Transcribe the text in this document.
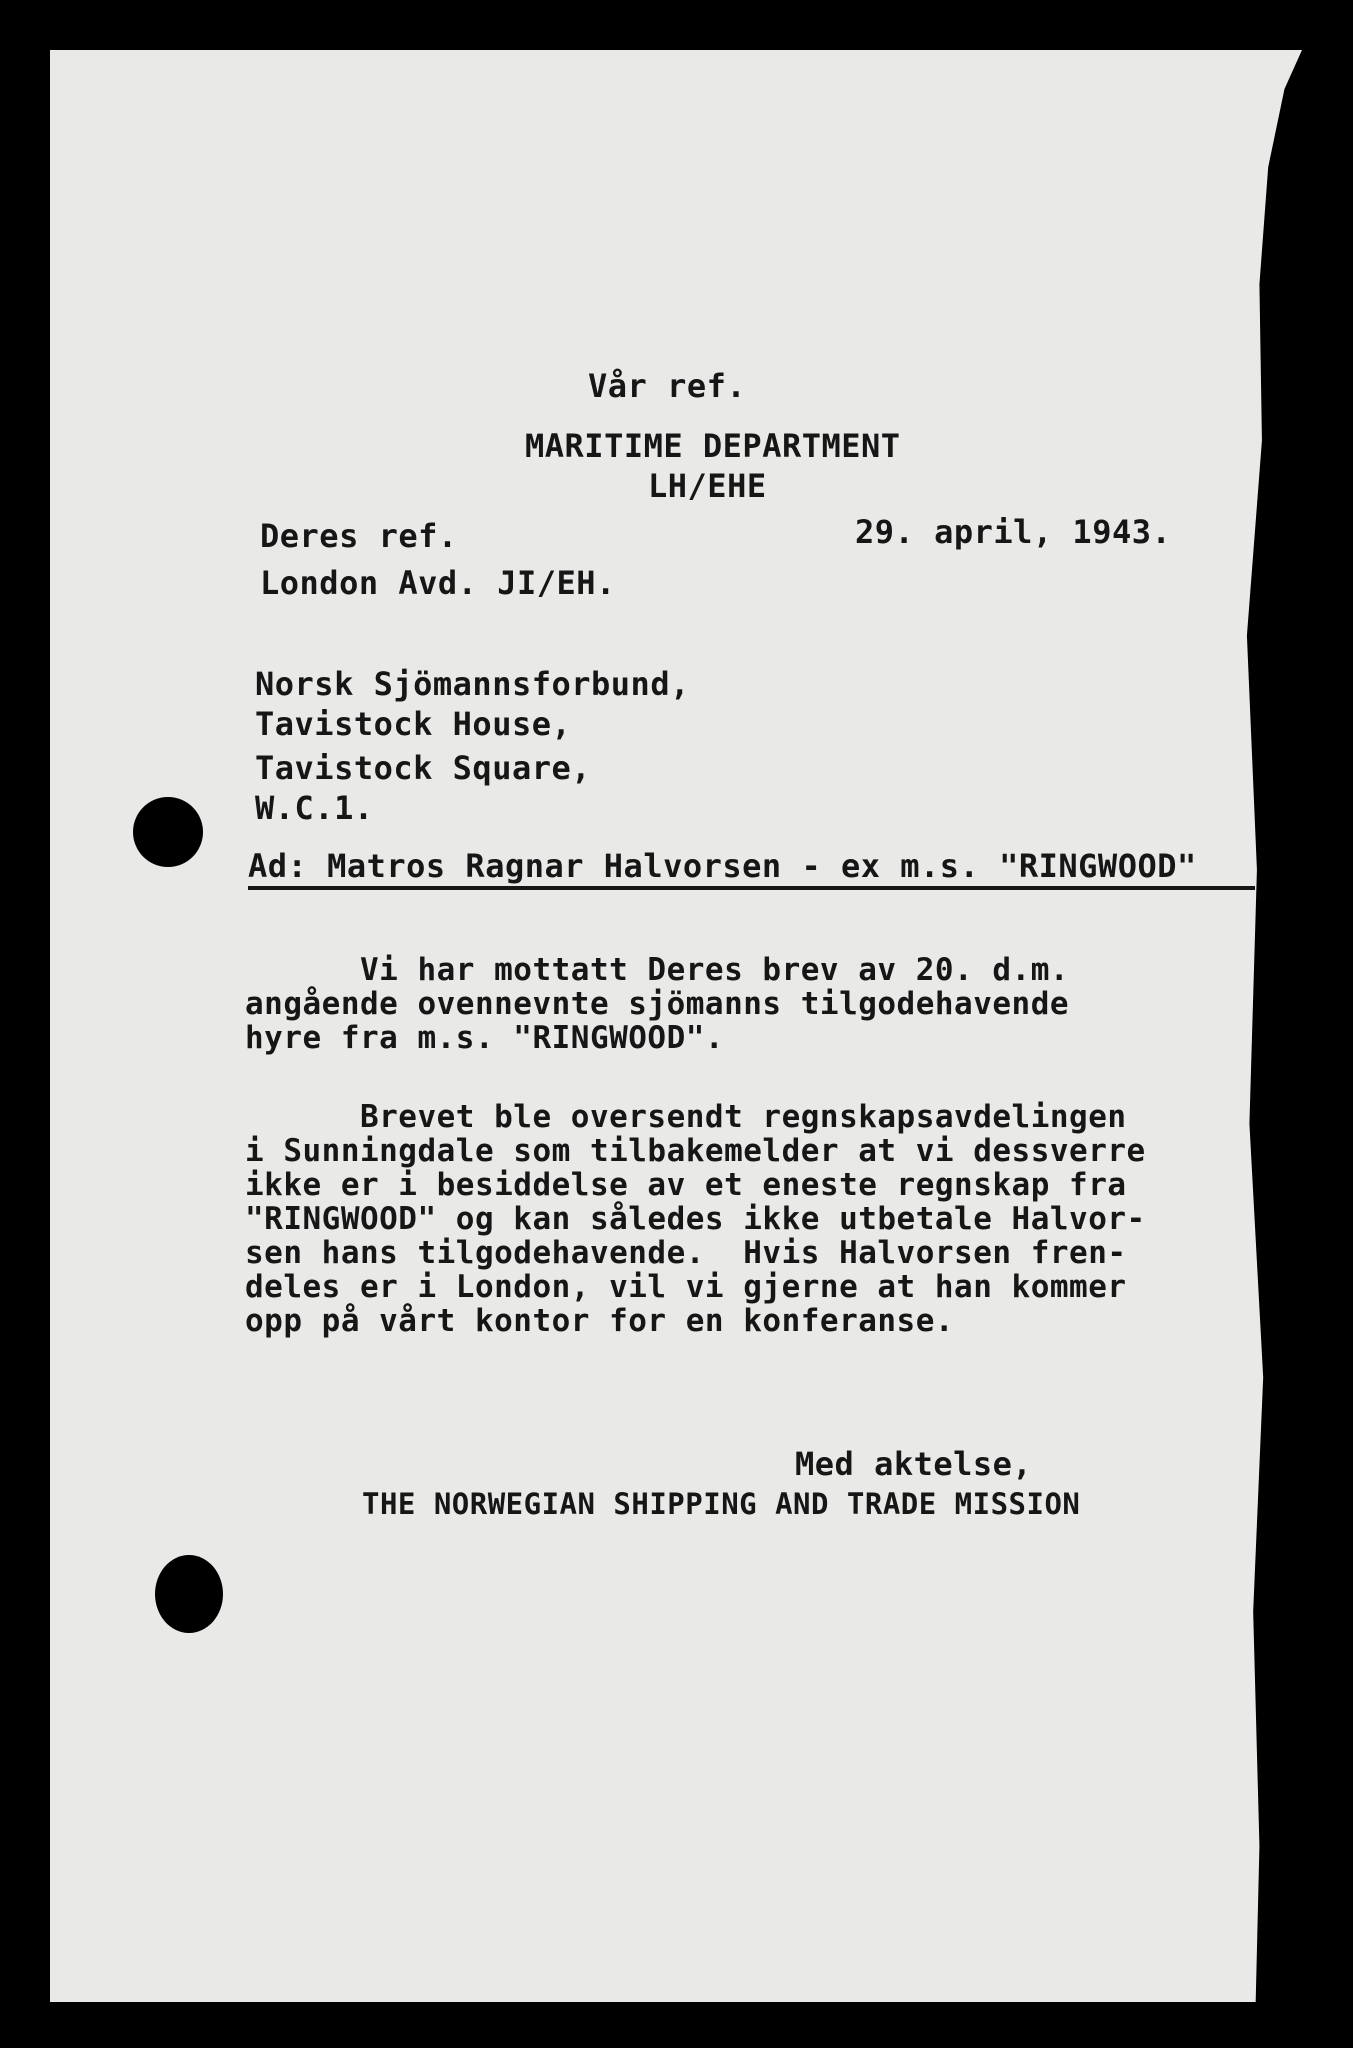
Vår ref.

MARITIME DEPARTMENT

LH/EHE

Deres ref.	29. april, 1943.

London Avd. JI/EH.

Norsk Sjömannsforbund,

Tavistock House,

Tavistock Square,

W.C.1.

Ad: Matros Ragnar Halvorsen - ex m.s. "RINGWOOD"

Vi har mottatt Deres brev av 20. d.m.
angående ovennevnte sjömanns tilgodehavende
hyre fra m.s. "RINGWOOD".

Brevet ble oversendt regnskapsavdelingen
i Sunningdale som tilbakemelder at vi dessverre
ikke er i besiddelse av et eneste regnskap fra
"RINGWOOD" og kan således ikke utbetale Halvor-
sen hans tilgodehavende.  Hvis Halvorsen fren-
deles er i London, vil vi gjerne at han kommer
opp på vårt kontor for en konferanse.

Med aktelse,

THE NORWEGIAN SHIPPING AND TRADE MISSION
